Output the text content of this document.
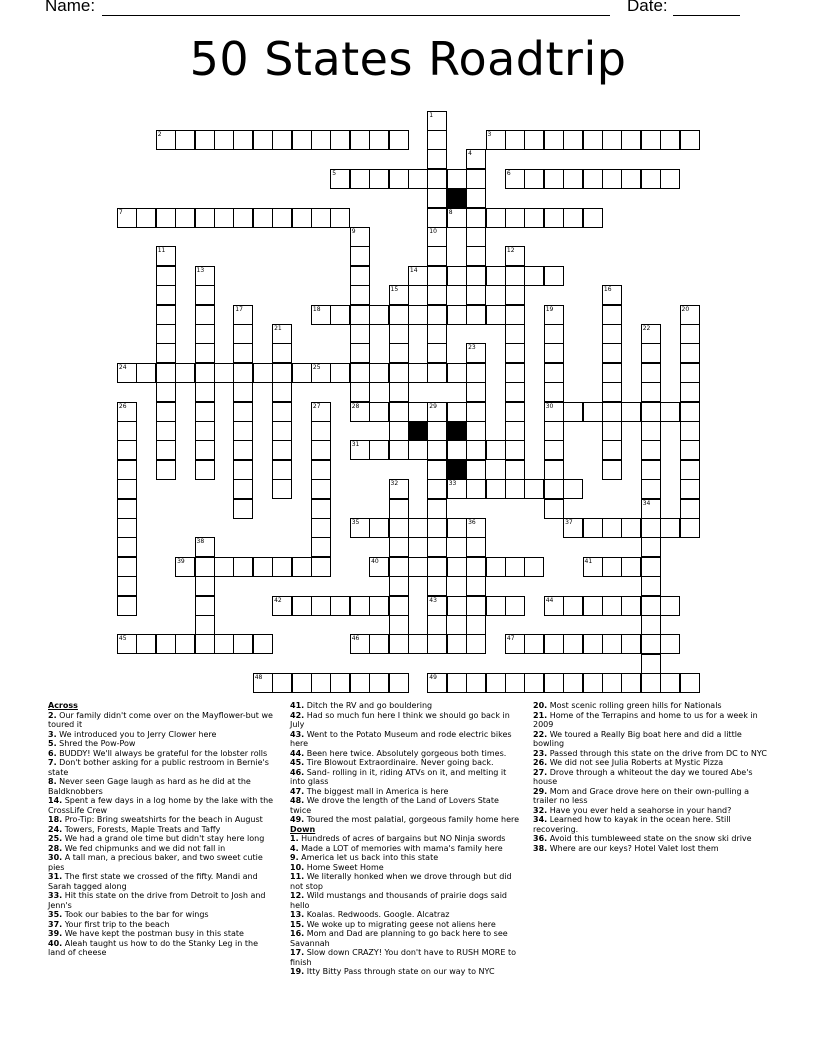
Name:	Date:
50 States Roadtrip
1
2	3
4
5	6
7	8
9	10
11	12
13	14
15	16
17	18	19	20
21	22
23
24	25
26	27	28	29	30
31
32	33
34
35	36	37
38
39	40	41
42	43	44
45	46	47
48	49
Across
2. Our family didn't come over on the Mayflower-but we toured it
3. We introduced you to Jerry Clower here
5. Shred the Pow-Pow
6. BUDDY! We'll always be grateful for the lobster rolls
7. Don't bother asking for a public restroom in Bernie's state
8. Never seen Gage laugh as hard as he did at the Baldknobbers
14. Spent a few days in a log home by the lake with the CrossLife Crew
18. Pro-Tip: Bring sweatshirts for the beach in August
24. Towers, Forests, Maple Treats and Taffy
25. We had a grand ole time but didn't stay here long
28. We fed chipmunks and we did not fall in
30. A tall man, a precious baker, and two sweet cutie pies
31. The first state we crossed of the fifty. Mandi and Sarah tagged along
33. Hit this state on the drive from Detroit to Josh and Jenn's
35. Took our babies to the bar for wings
37. Your first trip to the beach
39. We have kept the postman busy in this state
40. Aleah taught us how to do the Stanky Leg in the land of cheese
41. Ditch the RV and go bouldering
42. Had so much fun here I think we should go back in July
43. Went to the Potato Museum and rode electric bikes here
44. Been here twice. Absolutely gorgeous both times.
45. Tire Blowout Extraordinaire. Never going back.
46. Sand- rolling in it, riding ATVs on it, and melting it into glass
47. The biggest mall in America is here
48. We drove the length of the Land of Lovers State twice
49. Toured the most palatial, gorgeous family home here
Down
1. Hundreds of acres of bargains but NO Ninja swords
4. Made a LOT of memories with mama's family here
9. America let us back into this state
10. Home Sweet Home
11. We literally honked when we drove through but did not stop
12. Wild mustangs and thousands of prairie dogs said hello
13. Koalas. Redwoods. Google. Alcatraz
15. We woke up to migrating geese not aliens here
16. Mom and Dad are planning to go back here to see Savannah
17. Slow down CRAZY! You don't have to RUSH MORE to finish
19. Itty Bitty Pass through state on our way to NYC
20. Most scenic rolling green hills for Nationals
21. Home of the Terrapins and home to us for a week in 2009
22. We toured a Really Big boat here and did a little bowling
23. Passed through this state on the drive from DC to NYC
26. We did not see Julia Roberts at Mystic Pizza
27. Drove through a whiteout the day we toured Abe's house
29. Mom and Grace drove here on their own-pulling a trailer no less
32. Have you ever held a seahorse in your hand?
34. Learned how to kayak in the ocean here. Still recovering.
36. Avoid this tumbleweed state on the snow ski drive
38. Where are our keys? Hotel Valet lost them
